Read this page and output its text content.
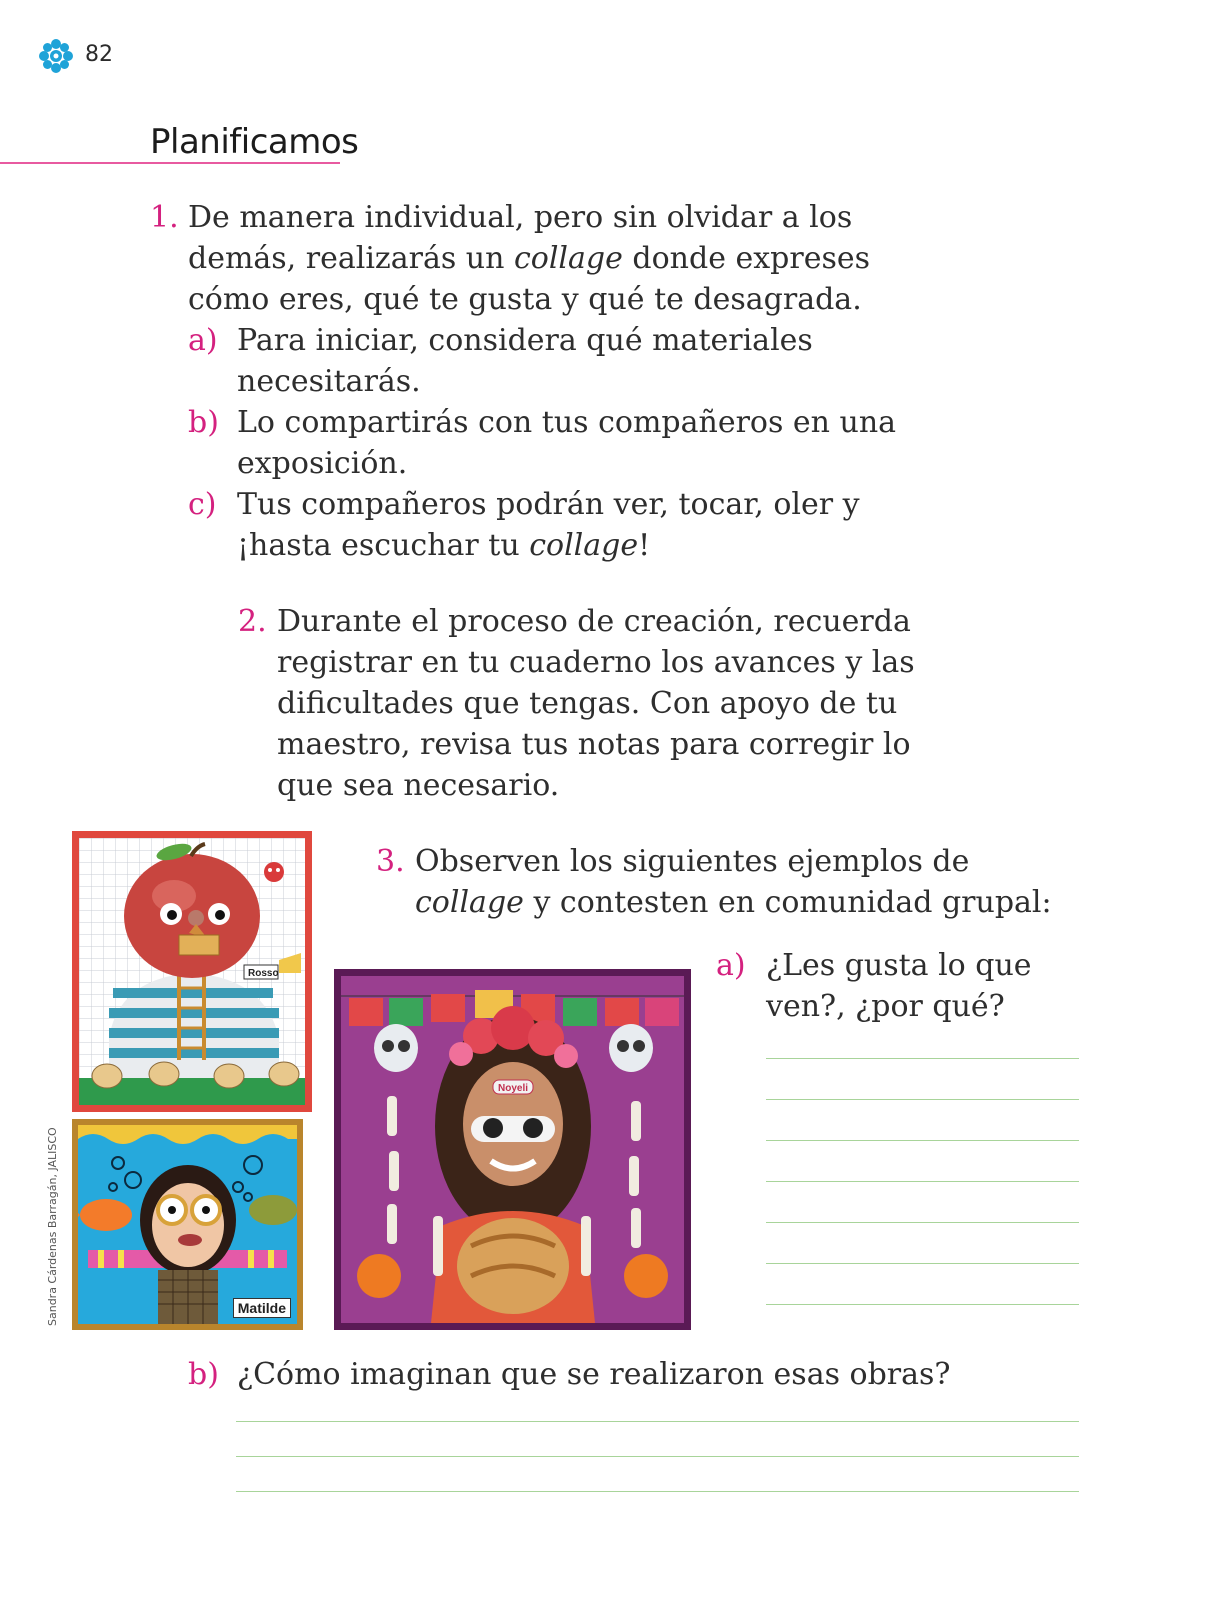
82
Planificamos
1. De manera individual, pero sin olvidar a los

demás, realizarás un collage donde expreses

cómo eres, qué te gusta y qué te desagrada.

a) Para iniciar, considera qué materiales

necesitarás.

b) Lo compartirás con tus compañeros en una

exposición.

c) Tus compañeros podrán ver, tocar, oler y

¡hasta escuchar tu collage!

2. Durante el proceso de creación, recuerda

registrar en tu cuaderno los avances y las

dificultades que tengas. Con apoyo de tu

maestro, revisa tus notas para corregir lo

que sea necesario.

3. Observen los siguientes ejemplos de

collage y contesten en comunidad grupal:

a) ¿Les gusta lo que

ven?, ¿por qué?

b) ¿Cómo imaginan que se realizaron esas obras?

Sandra Cárdenas Barragán, JALISCO
Rosso
Matilde
Noyeli
